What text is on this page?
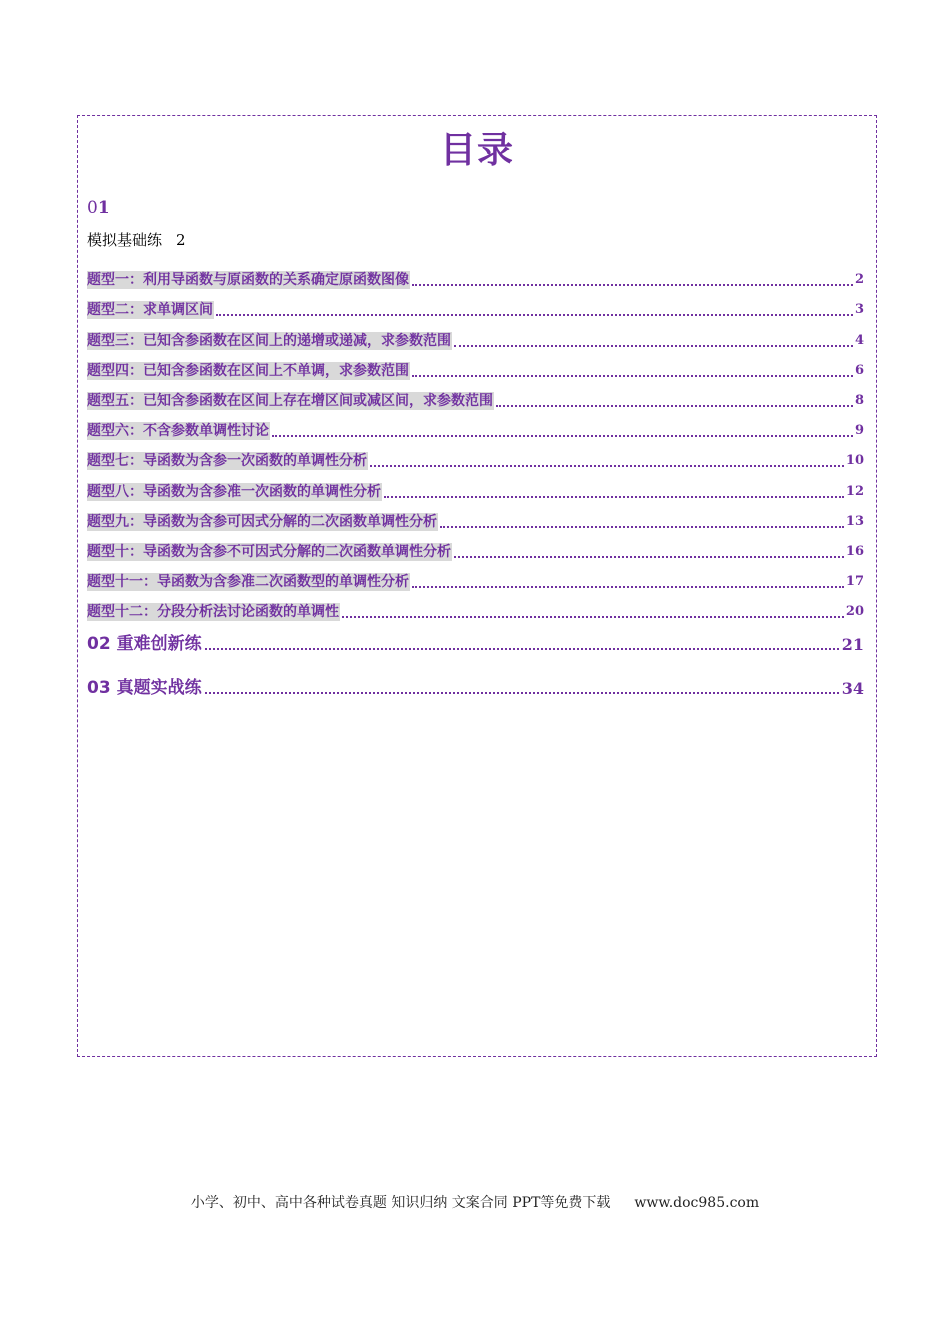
目录
01
模拟基础练 2
题型一：利用导函数与原函数的关系确定原函数图像	2
题型二：求单调区间	3
题型三：已知含参函数在区间上的递增或递减，求参数范围	4
题型四：已知含参函数在区间上不单调，求参数范围	6
题型五：已知含参函数在区间上存在增区间或减区间，求参数范围	8
题型六：不含参数单调性讨论	9
题型七：导函数为含参一次函数的单调性分析	10
题型八：导函数为含参准一次函数的单调性分析	12
题型九：导函数为含参可因式分解的二次函数单调性分析	13
题型十：导函数为含参不可因式分解的二次函数单调性分析	16
题型十一：导函数为含参准二次函数型的单调性分析	17
题型十二：分段分析法讨论函数的单调性	20
02 重难创新练	21
03 真题实战练	34
小学、初中、高中各种试卷真题 知识归纳 文案合同 PPT等免费下载 www.doc985.com
